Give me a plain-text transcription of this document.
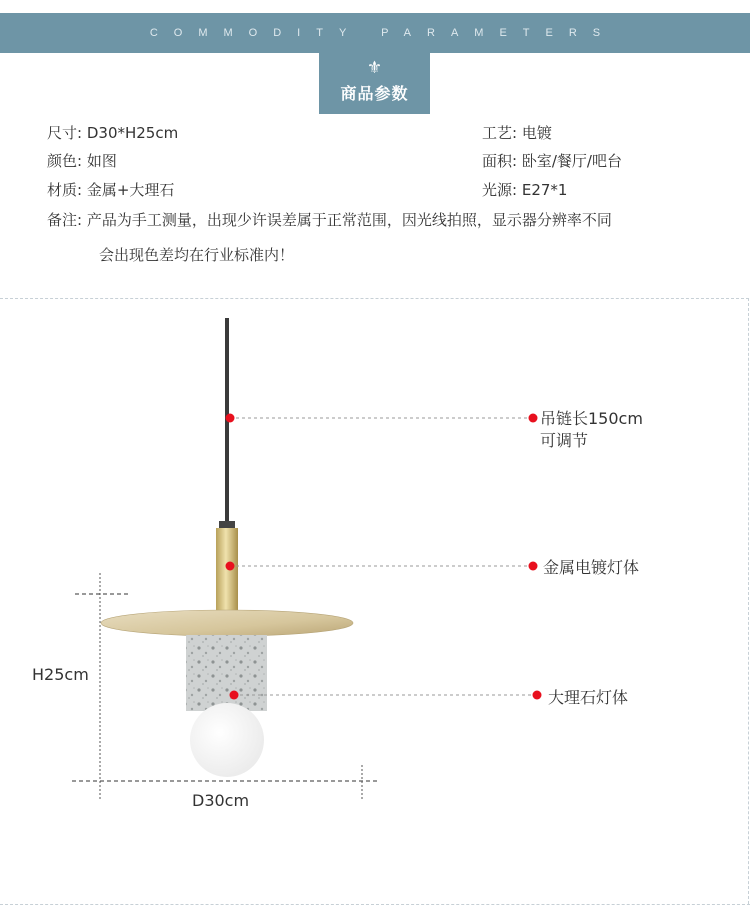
COMMODITY PARAMETERS
⚜
商品参数
尺寸: D30*H25cm	工艺: 电镀
颜色: 如图	面积: 卧室/餐厅/吧台
材质: 金属+大理石	光源: E27*1
备注: 产品为手工测量，出现少许误差属于正常范围，因光线拍照，显示器分辨率不同
会出现色差均在行业标准内！
吊链长150cm
可调节
金属电镀灯体
大理石灯体
H25cm
D30cm
